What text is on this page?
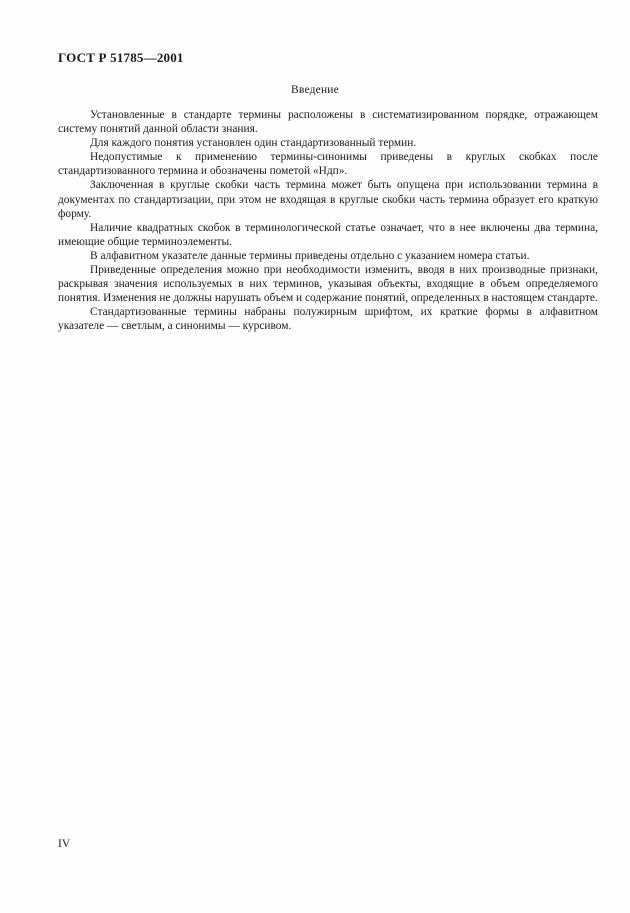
ГОСТ Р 51785—2001
Введение

Установленные в стандарте термины расположены в систематизированном порядке, отражающем систему понятий данной области знания.

Для каждого понятия установлен один стандартизованный термин.

Недопустимые к применению термины-синонимы приведены в круглых скобках после стандартизованного термина и обозначены пометой «Ндп».

Заключенная в круглые скобки часть термина может быть опущена при использовании термина в документах по стандартизации, при этом не входящая в круглые скобки часть термина образует его краткую форму.

Наличие квадратных скобок в терминологической статье означает, что в нее включены два термина, имеющие общие терминоэлементы.

В алфавитном указателе данные термины приведены отдельно с указанием номера статьи.

Приведенные определения можно при необходимости изменить, вводя в них производные признаки, раскрывая значения используемых в них терминов, указывая объекты, входящие в объем определяемого понятия. Изменения не должны нарушать объем и содержание понятий, определенных в настоящем стандарте.

Стандартизованные термины набраны полужирным шрифтом, их краткие формы в алфавитном указателе — светлым, а синонимы — курсивом.

IV
